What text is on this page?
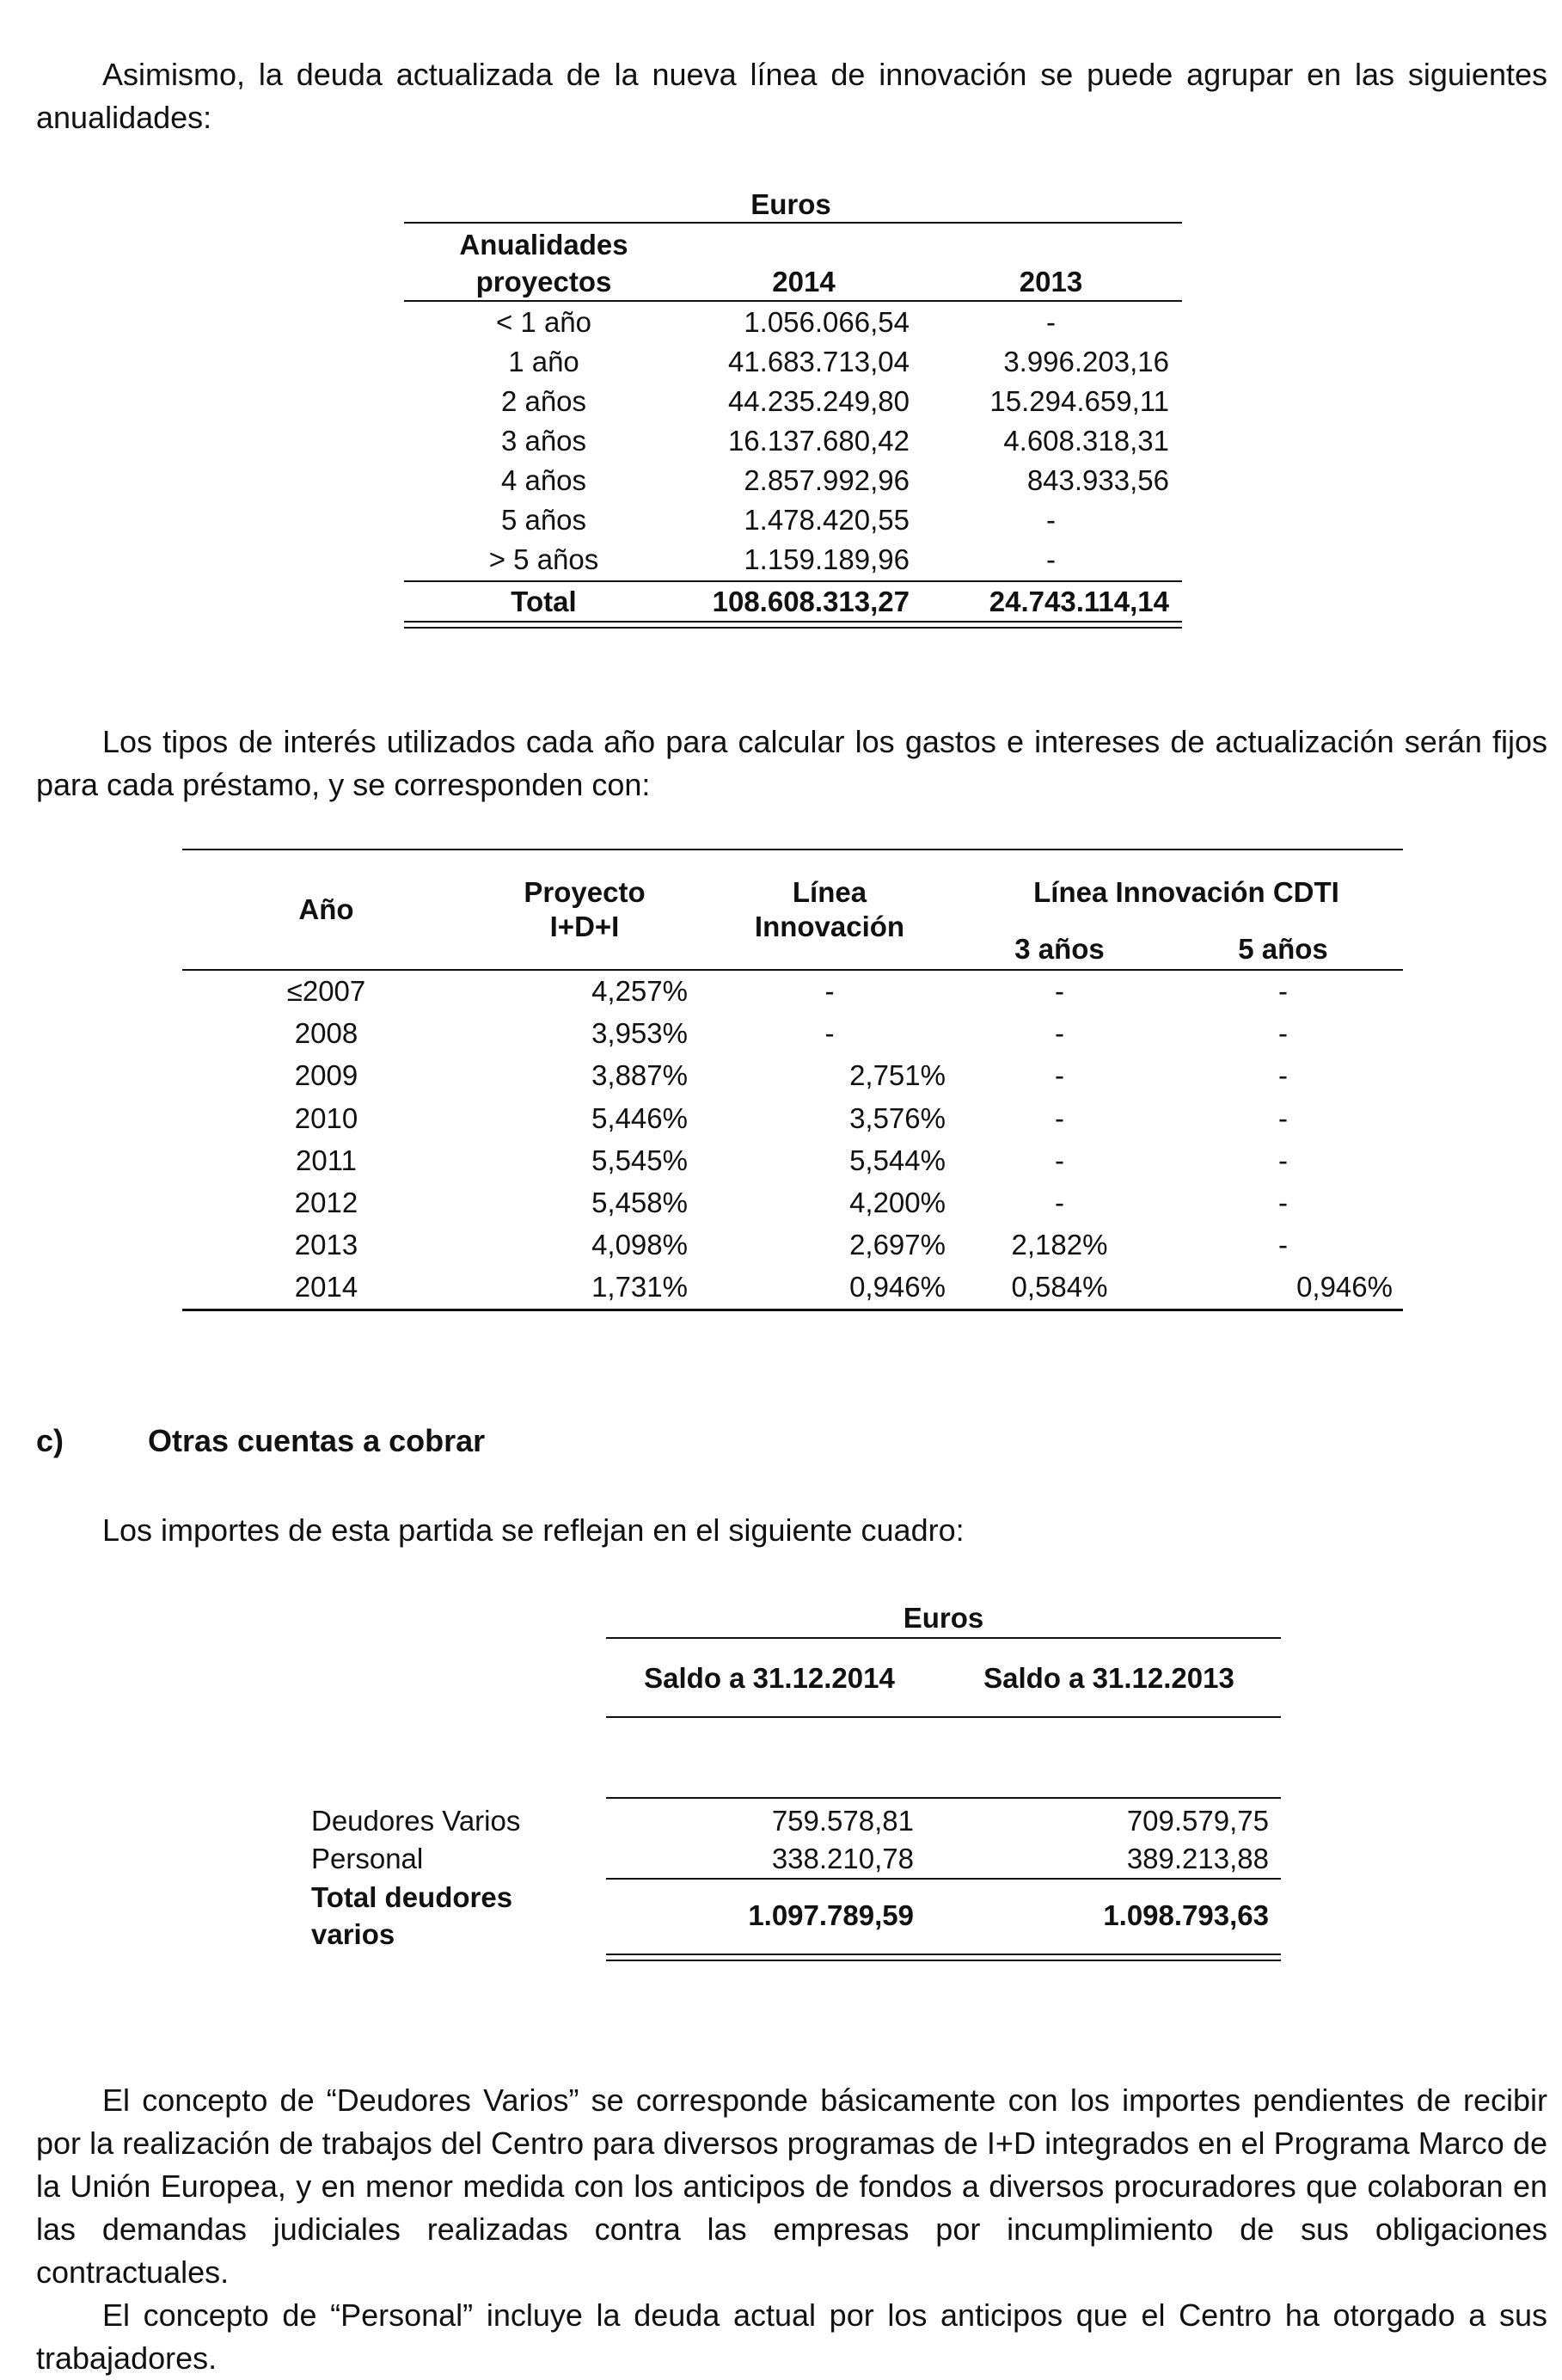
Asimismo, la deuda actualizada de la nueva línea de innovación se puede agrupar en las siguientes anualidades:
Euros
Anualidades
proyectos	2014	2013
< 1 año	1.056.066,54	-
1 año	41.683.713,04	3.996.203,16
2 años	44.235.249,80	15.294.659,11
3 años	16.137.680,42	4.608.318,31
4 años	2.857.992,96	843.933,56
5 años	1.478.420,55	-
> 5 años	1.159.189,96	-
Total	108.608.313,27	24.743.114,14
Los tipos de interés utilizados cada año para calcular los gastos e intereses de actualización serán fijos para cada préstamo, y se corresponden con:
Año
Proyecto
I+D+I
Línea
Innovación
Línea Innovación CDTI
3 años	5 años
≤2007	4,257%	-	-	-
2008	3,953%	-	-	-
2009	3,887%	2,751%	-	-
2010	5,446%	3,576%	-	-
2011	5,545%	5,544%	-	-
2012	5,458%	4,200%	-	-
2013	4,098%	2,697%	2,182%	-
2014	1,731%	0,946%	0,584%	0,946%
c)	Otras cuentas a cobrar
Los importes de esta partida se reflejan en el siguiente cuadro:
Euros
Saldo a 31.12.2014	Saldo a 31.12.2013
Deudores Varios	759.578,81	709.579,75
Personal	338.210,78	389.213,88
Total deudores
varios
1.097.789,59	1.098.793,63
El concepto de “Deudores Varios” se corresponde básicamente con los importes pendientes de recibir por la realización de trabajos del Centro para diversos programas de I+D integrados en el Programa Marco de la Unión Europea, y en menor medida con los anticipos de fondos a diversos procuradores que colaboran en las demandas judiciales realizadas contra las empresas por incumplimiento de sus obligaciones contractuales.
El concepto de “Personal” incluye la deuda actual por los anticipos que el Centro ha otorgado a sus trabajadores.
